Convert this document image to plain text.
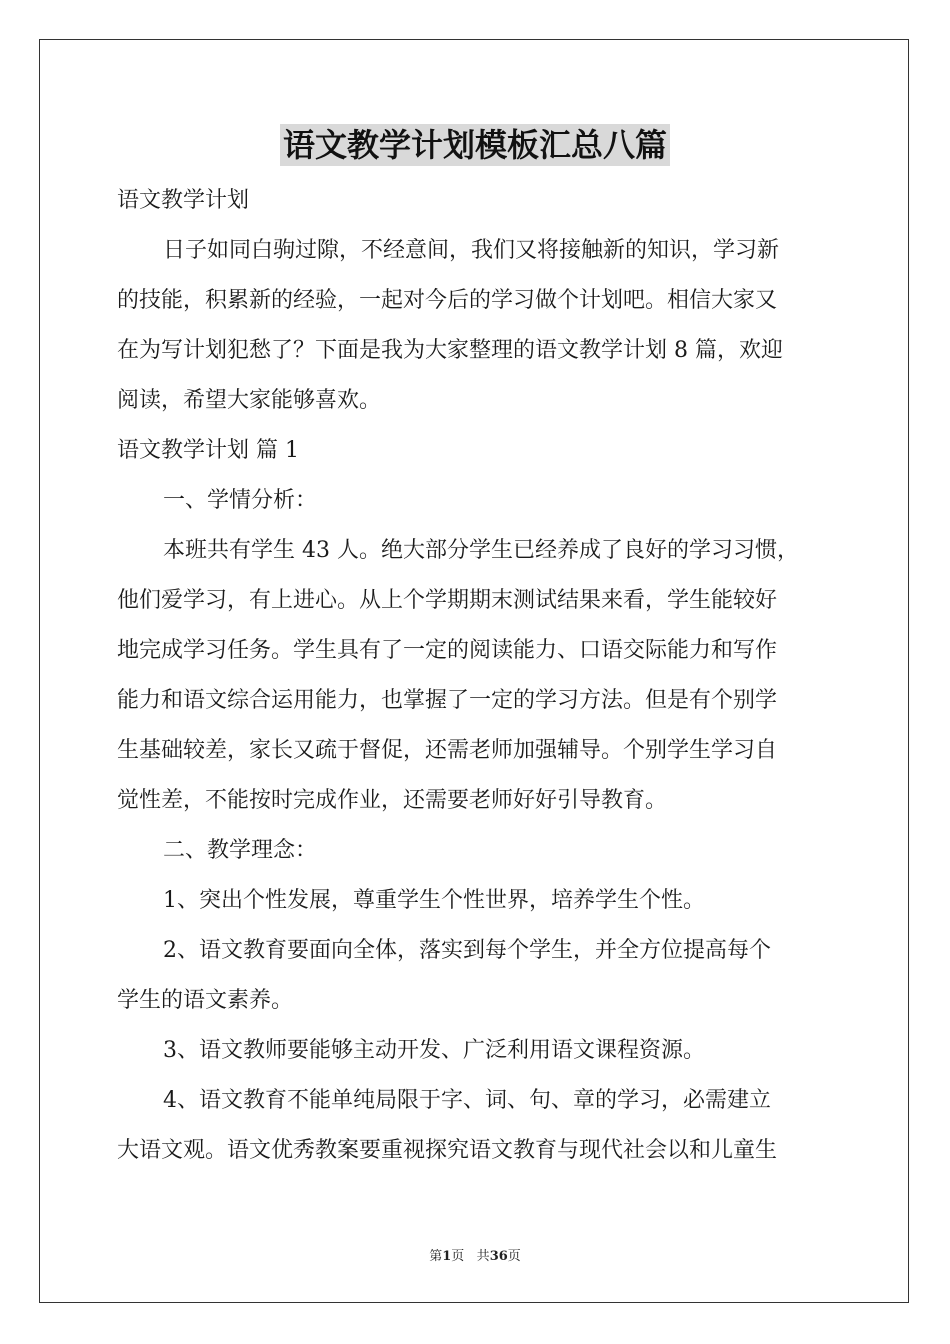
语文教学计划模板汇总八篇
语文教学计划
日子如同白驹过隙，不经意间，我们又将接触新的知识，学习新
的技能，积累新的经验，一起对今后的学习做个计划吧。相信大家又
在为写计划犯愁了？下面是我为大家整理的语文教学计划 8 篇，欢迎
阅读，希望大家能够喜欢。
语文教学计划 篇 1
一、学情分析：
本班共有学生 43 人。绝大部分学生已经养成了良好的学习习惯，
他们爱学习，有上进心。从上个学期期末测试结果来看，学生能较好
地完成学习任务。学生具有了一定的阅读能力、口语交际能力和写作
能力和语文综合运用能力，也掌握了一定的学习方法。但是有个别学
生基础较差，家长又疏于督促，还需老师加强辅导。个别学生学习自
觉性差，不能按时完成作业，还需要老师好好引导教育。
二、教学理念：
1、突出个性发展，尊重学生个性世界，培养学生个性。
2、语文教育要面向全体，落实到每个学生，并全方位提高每个
学生的语文素养。
3、语文教师要能够主动开发、广泛利用语文课程资源。
4、语文教育不能单纯局限于字、词、句、章的学习，必需建立
大语文观。语文优秀教案要重视探究语文教育与现代社会以和儿童生
第1页 共36页
